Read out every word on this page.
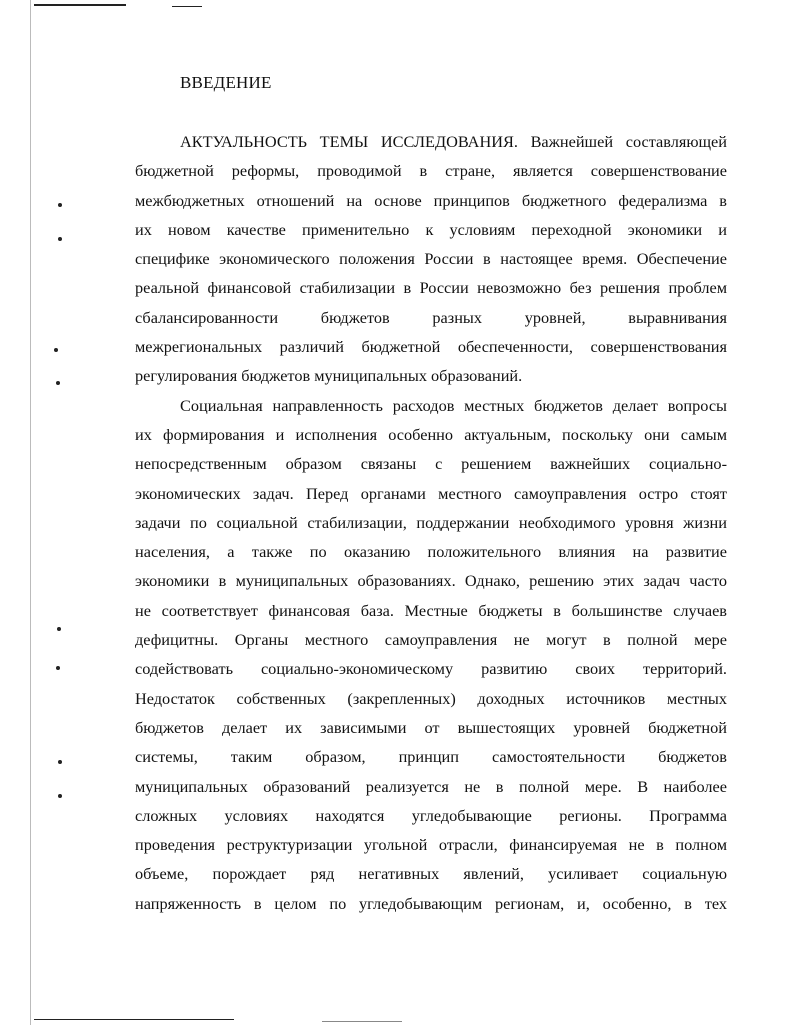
ВВЕДЕНИЕ
АКТУАЛЬНОСТЬ ТЕМЫ ИССЛЕДОВАНИЯ. Важнейшей составляющей
бюджетной реформы, проводимой в стране, является совершенствование
межбюджетных отношений на основе принципов бюджетного федерализма в
их новом качестве применительно к условиям переходной экономики и
специфике экономического положения России в настоящее время. Обеспечение
реальной финансовой стабилизации в России невозможно без решения проблем
сбалансированности бюджетов разных уровней, выравнивания
межрегиональных различий бюджетной обеспеченности, совершенствования
регулирования бюджетов муниципальных образований.
Социальная направленность расходов местных бюджетов делает вопросы
их формирования и исполнения особенно актуальным, поскольку они самым
непосредственным образом связаны с решением важнейших социально-
экономических задач. Перед органами местного самоуправления остро стоят
задачи по социальной стабилизации, поддержании необходимого уровня жизни
населения, а также по оказанию положительного влияния на развитие
экономики в муниципальных образованиях. Однако, решению этих задач часто
не соответствует финансовая база. Местные бюджеты в большинстве случаев
дефицитны. Органы местного самоуправления не могут в полной мере
содействовать социально-экономическому развитию своих территорий.
Недостаток собственных (закрепленных) доходных источников местных
бюджетов делает их зависимыми от вышестоящих уровней бюджетной
системы, таким образом, принцип самостоятельности бюджетов
муниципальных образований реализуется не в полной мере. В наиболее
сложных условиях находятся угледобывающие регионы. Программа
проведения реструктуризации угольной отрасли, финансируемая не в полном
объеме, порождает ряд негативных явлений, усиливает социальную
напряженность в целом по угледобывающим регионам, и, особенно, в тех
